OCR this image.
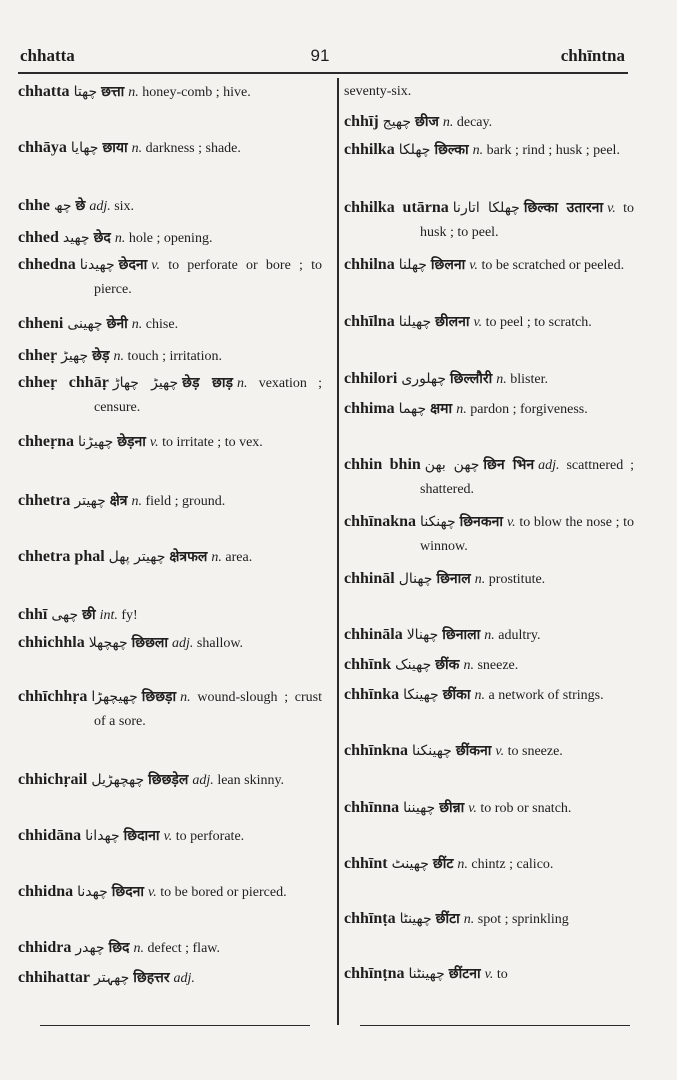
chhatta	91	chhīntna
chhatta چھتا छत्ता n. honey-comb ; hive.
chhāya چھایا छाया n. darkness ; shade.
chhe چھ छे adj. six.
chhed چھید छेद n. hole ; opening.
chhedna چھیدنا छेदना v. to perforate or bore ; to pierce.
chheni چھینی छेनी n. chise.
chheṛ چھیڑ छेड़ n. touch ; irritation.
chheṛ chhāṛ چھیڑ چھاڑ छेड़ छाड़ n. vexation ; censure.
chheṛna چھیڑنا छेड़ना v. to irritate ; to vex.
chhetra چھیتر क्षेत्र n. field ; ground.
chhetra phal چھیتر پھل क्षेत्रफल n. area.
chhī چھی छी int. fy!
chhichhla چھچھلا छिछला adj. shallow.
chhīchhṛa چھیچھڑا छिछड़ा n. wound-slough ; crust of a sore.
chhichṛail چھچھڑیل छिछड़ेल adj. lean skinny.
chhidāna چھدانا छिदाना v. to perforate.
chhidna چھدنا छिदना v. to be bored or pierced.
chhidra چھدر छिद n. defect ; flaw.
chhihattar چھہتر छिहत्तर adj.
seventy-six.
chhīj چھیج छीज n. decay.
chhilka چھلکا छिल्का n. bark ; rind ; husk ; peel.
chhilka utārna چھلکا اتارنا छिल्का उतारना v. to husk ; to peel.
chhilna چھلنا छिलना v. to be scratched or peeled.
chhīlna چھیلنا छीलना v. to peel ; to scratch.
chhilori چھلوری छिल्लौरी n. blister.
chhima چھما क्षमा n. pardon ; forgiveness.
chhin bhin چھن بھن छिन भिन adj. scattnered ; shattered.
chhīnakna چھنکنا छिनकना v. to blow the nose ; to winnow.
chhināl چھنال छिनाल n. prostitute.
chhināla چھنالا छिनाला n. adultry.
chhīnk چھینک छींक n. sneeze.
chhīnka چھینکا छींका n. a network of strings.
chhīnkna چھینکنا छींकना v. to sneeze.
chhīnna چھیننا छीन्ना v. to rob or snatch.
chhīnt چھینٹ छींट n. chintz ; calico.
chhīnṭa چھینٹا छींटा n. spot ; sprinkling
chhīnṭna چھینٹنا छींटना v. to
